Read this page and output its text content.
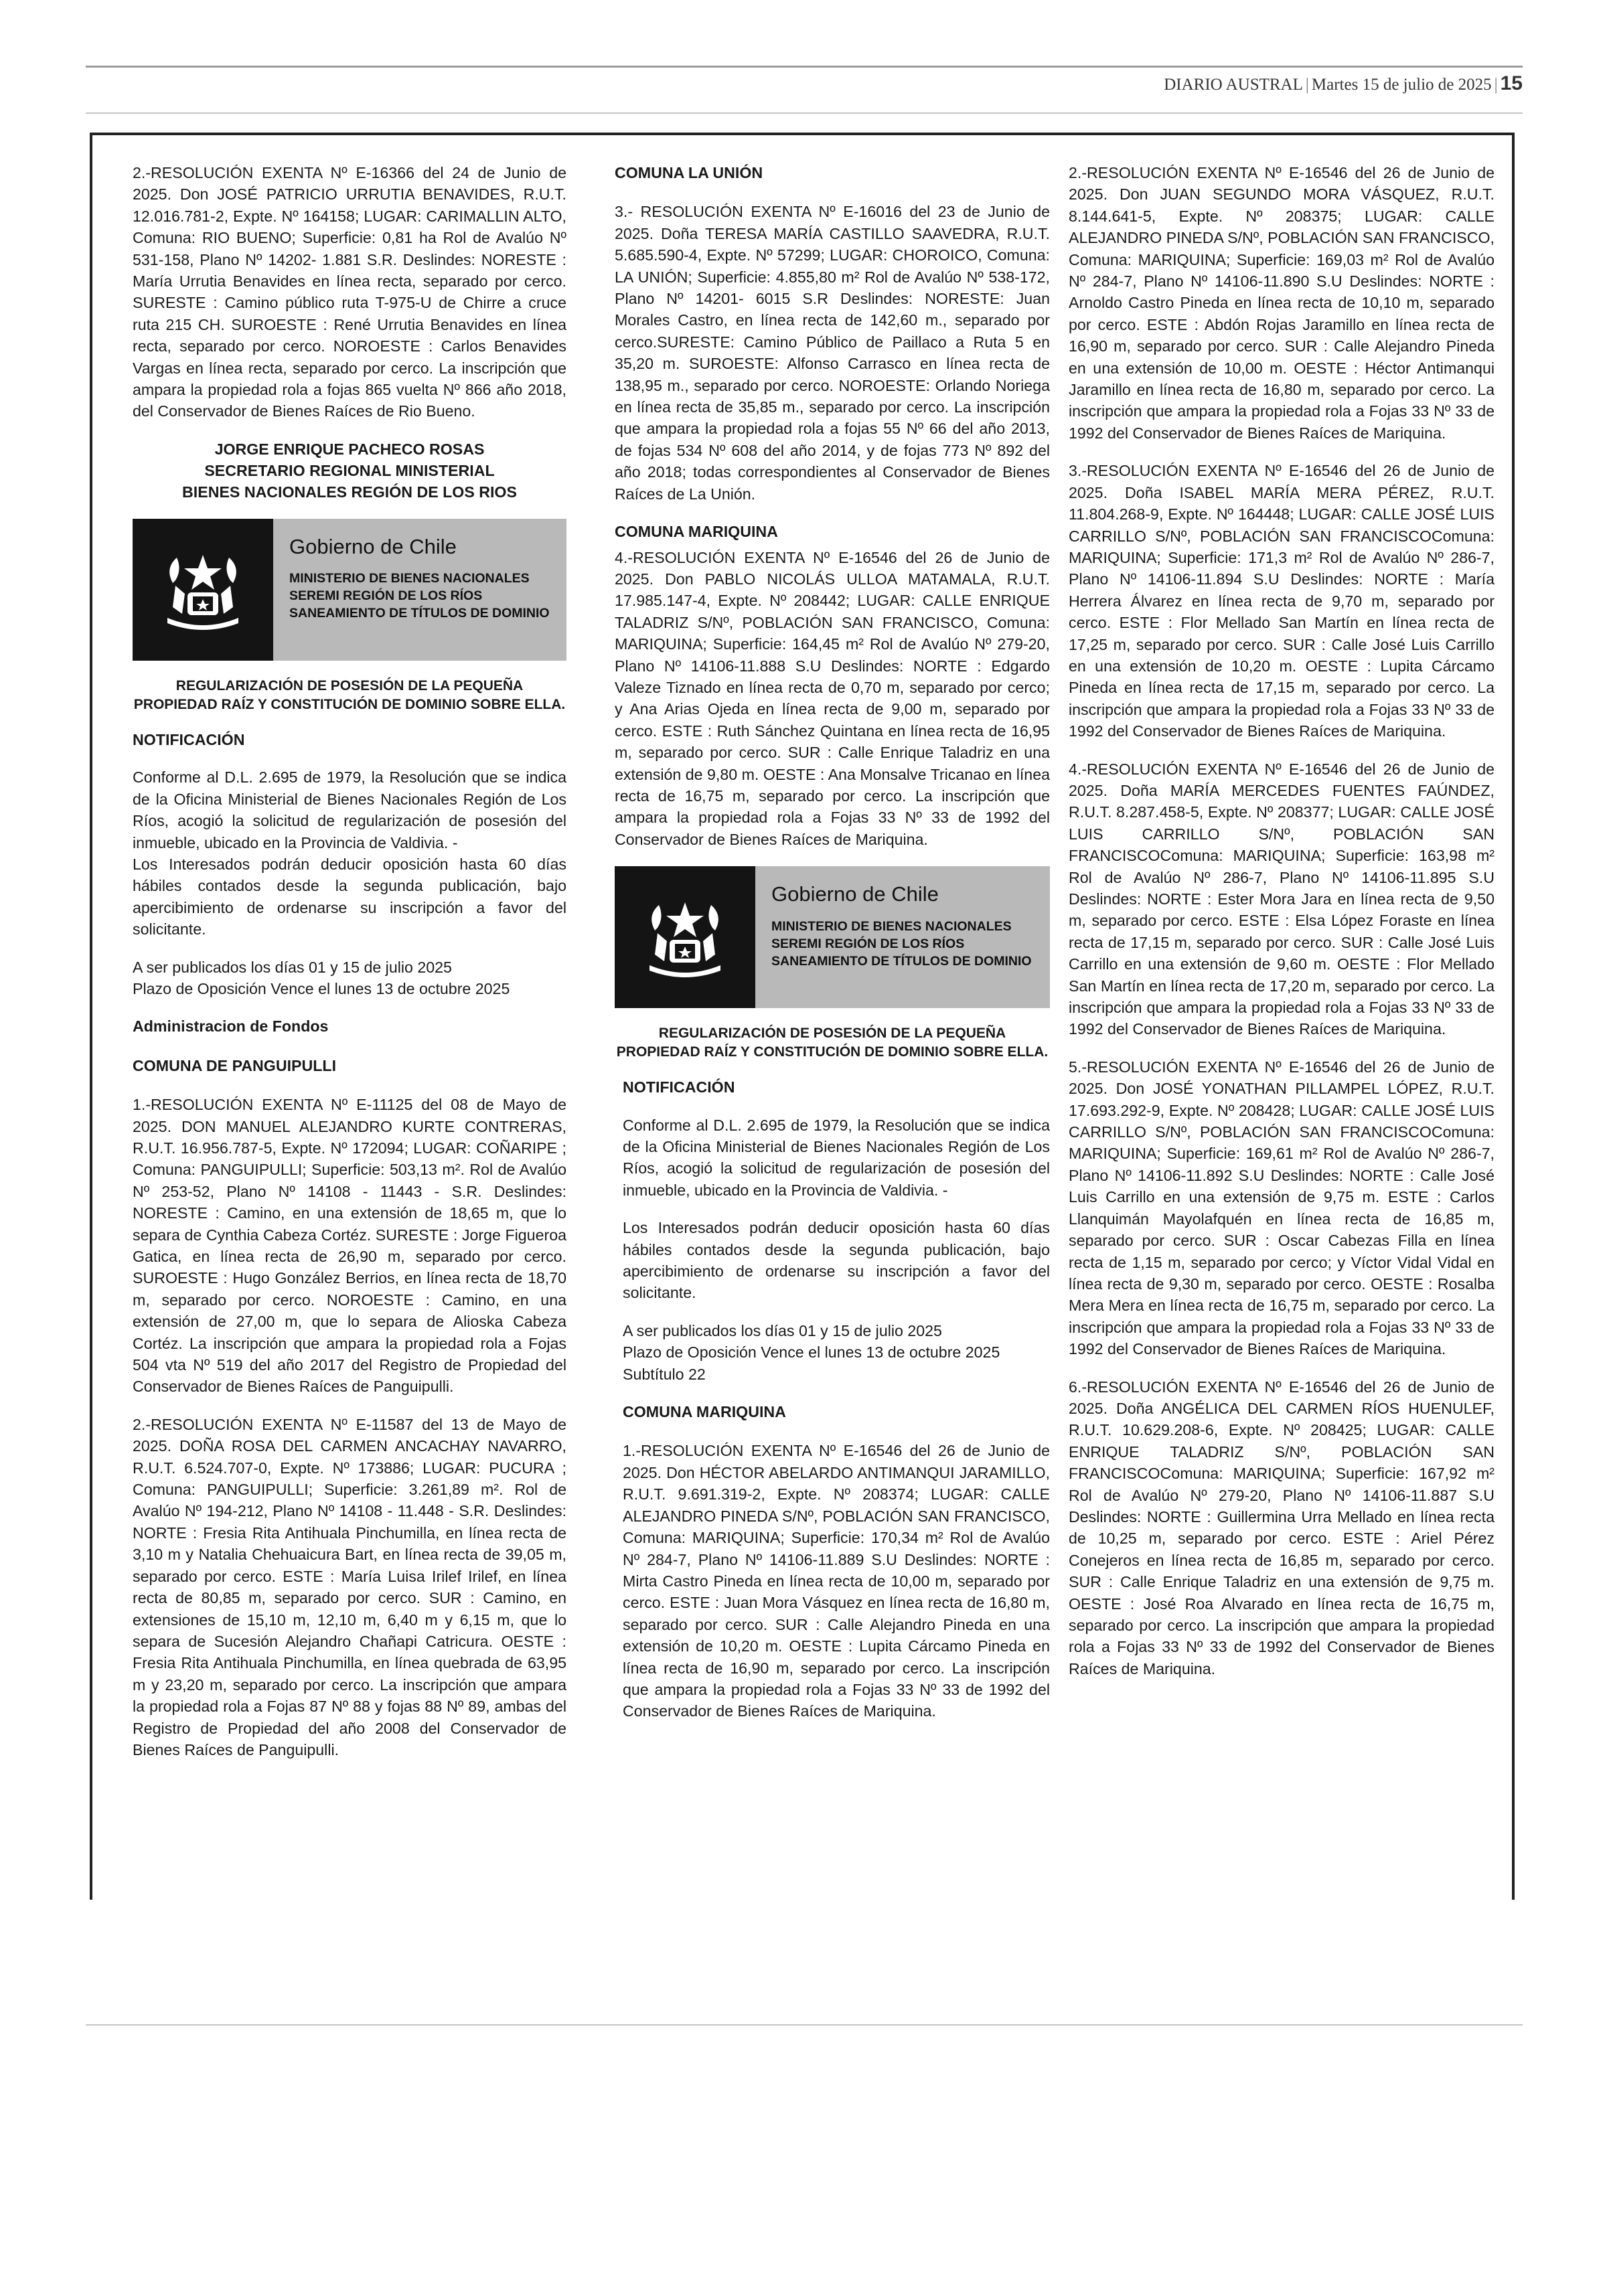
DIARIO AUSTRAL | Martes 15 de julio de 2025 | 15

2.-RESOLUCIÓN EXENTA Nº E-16366 del 24 de Junio de 2025. Don JOSÉ PATRICIO URRUTIA BENAVIDES, R.U.T. 12.016.781-2, Expte. Nº 164158; LUGAR: CARIMALLIN ALTO, Comuna: RIO BUENO; Superficie: 0,81 ha Rol de Avalúo Nº 531-158, Plano Nº 14202- 1.881 S.R. Deslindes: NORESTE : María Urrutia Benavides en línea recta, separado por cerco. SURESTE : Camino público ruta T-975-U de Chirre a cruce ruta 215 CH. SUROESTE : René Urrutia Benavides en línea recta, separado por cerco. NOROESTE : Carlos Benavides Vargas en línea recta, separado por cerco. La inscripción que ampara la propiedad rola a fojas 865 vuelta Nº 866 año 2018, del Conservador de Bienes Raíces de Rio Bueno.

JORGE ENRIQUE PACHECO ROSAS
SECRETARIO REGIONAL MINISTERIAL
BIENES NACIONALES REGIÓN DE LOS RIOS
Gobierno de Chile
MINISTERIO DE BIENES NACIONALES
SEREMI REGIÓN DE LOS RÍOS
SANEAMIENTO DE TÍTULOS DE DOMINIO
REGULARIZACIÓN DE POSESIÓN DE LA PEQUEÑA
PROPIEDAD RAÍZ Y CONSTITUCIÓN DE DOMINIO SOBRE ELLA.

NOTIFICACIÓN

Conforme al D.L. 2.695 de 1979, la Resolución que se indica de la Oficina Ministerial de Bienes Nacionales Región de Los Ríos, acogió la solicitud de regularización de posesión del inmueble, ubicado en la Provincia de Valdivia. -

Los Interesados podrán deducir oposición hasta 60 días hábiles contados desde la segunda publicación, bajo apercibimiento de ordenarse su inscripción a favor del solicitante.

A ser publicados los días 01 y 15 de julio 2025

Plazo de Oposición Vence el lunes 13 de octubre 2025

Administracion de Fondos

COMUNA DE PANGUIPULLI

1.-RESOLUCIÓN EXENTA Nº E-11125 del 08 de Mayo de 2025. DON MANUEL ALEJANDRO KURTE CONTRERAS, R.U.T. 16.956.787-5, Expte. Nº 172094; LUGAR: COÑARIPE ; Comuna: PANGUIPULLI; Superficie: 503,13 m². Rol de Avalúo Nº 253-52, Plano Nº 14108 - 11443 - S.R. Deslindes: NORESTE : Camino, en una extensión de 18,65 m, que lo separa de Cynthia Cabeza Cortéz. SURESTE : Jorge Figueroa Gatica, en línea recta de 26,90 m, separado por cerco. SUROESTE : Hugo González Berrios, en línea recta de 18,70 m, separado por cerco. NOROESTE : Camino, en una extensión de 27,00 m, que lo separa de Alioska Cabeza Cortéz. La inscripción que ampara la propiedad rola a Fojas 504 vta Nº 519 del año 2017 del Registro de Propiedad del Conservador de Bienes Raíces de Panguipulli.

2.-RESOLUCIÓN EXENTA Nº E-11587 del 13 de Mayo de 2025. DOÑA ROSA DEL CARMEN ANCACHAY NAVARRO, R.U.T. 6.524.707-0, Expte. Nº 173886; LUGAR: PUCURA ; Comuna: PANGUIPULLI; Superficie: 3.261,89 m². Rol de Avalúo Nº 194-212, Plano Nº 14108 - 11.448 - S.R. Deslindes: NORTE : Fresia Rita Antihuala Pinchumilla, en línea recta de 3,10 m y Natalia Chehuaicura Bart, en línea recta de 39,05 m, separado por cerco. ESTE : María Luisa Irilef Irilef, en línea recta de 80,85 m, separado por cerco. SUR : Camino, en extensiones de 15,10 m, 12,10 m, 6,40 m y 6,15 m, que lo separa de Sucesión Alejandro Chañapi Catricura. OESTE : Fresia Rita Antihuala Pinchumilla, en línea quebrada de 63,95 m y 23,20 m, separado por cerco. La inscripción que ampara la propiedad rola a Fojas 87 Nº 88 y fojas 88 Nº 89, ambas del Registro de Propiedad del año 2008 del Conservador de Bienes Raíces de Panguipulli.

COMUNA LA UNIÓN

3.- RESOLUCIÓN EXENTA Nº E-16016 del 23 de Junio de 2025. Doña TERESA MARÍA CASTILLO SAAVEDRA, R.U.T. 5.685.590-4, Expte. Nº 57299; LUGAR: CHOROICO, Comuna: LA UNIÓN; Superficie: 4.855,80 m² Rol de Avalúo Nº 538-172, Plano Nº 14201- 6015 S.R Deslindes: NORESTE: Juan Morales Castro, en línea recta de 142,60 m., separado por cerco.SURESTE: Camino Público de Paillaco a Ruta 5 en 35,20 m. SUROESTE: Alfonso Carrasco en línea recta de 138,95 m., separado por cerco. NOROESTE: Orlando Noriega en línea recta de 35,85 m., separado por cerco. La inscripción que ampara la propiedad rola a fojas 55 Nº 66 del año 2013, de fojas 534 Nº 608 del año 2014, y de fojas 773 Nº 892 del año 2018; todas correspondientes al Conservador de Bienes Raíces de La Unión.

COMUNA MARIQUINA

4.-RESOLUCIÓN EXENTA Nº E-16546 del 26 de Junio de 2025. Don PABLO NICOLÁS ULLOA MATAMALA, R.U.T. 17.985.147-4, Expte. Nº 208442; LUGAR: CALLE ENRIQUE TALADRIZ S/Nº, POBLACIÓN SAN FRANCISCO, Comuna: MARIQUINA; Superficie: 164,45 m² Rol de Avalúo Nº 279-20, Plano Nº 14106-11.888 S.U Deslindes: NORTE : Edgardo Valeze Tiznado en línea recta de 0,70 m, separado por cerco; y Ana Arias Ojeda en línea recta de 9,00 m, separado por cerco. ESTE : Ruth Sánchez Quintana en línea recta de 16,95 m, separado por cerco. SUR : Calle Enrique Taladriz en una extensión de 9,80 m. OESTE : Ana Monsalve Tricanao en línea recta de 16,75 m, separado por cerco. La inscripción que ampara la propiedad rola a Fojas 33 Nº 33 de 1992 del Conservador de Bienes Raíces de Mariquina.

Gobierno de Chile
MINISTERIO DE BIENES NACIONALES
SEREMI REGIÓN DE LOS RÍOS
SANEAMIENTO DE TÍTULOS DE DOMINIO
REGULARIZACIÓN DE POSESIÓN DE LA PEQUEÑA
PROPIEDAD RAÍZ Y CONSTITUCIÓN DE DOMINIO SOBRE ELLA.

NOTIFICACIÓN

Conforme al D.L. 2.695 de 1979, la Resolución que se indica de la Oficina Ministerial de Bienes Nacionales Región de Los Ríos, acogió la solicitud de regularización de posesión del inmueble, ubicado en la Provincia de Valdivia. -

Los Interesados podrán deducir oposición hasta 60 días hábiles contados desde la segunda publicación, bajo apercibimiento de ordenarse su inscripción a favor del solicitante.

A ser publicados los días 01 y 15 de julio 2025

Plazo de Oposición Vence el lunes 13 de octubre 2025

Subtítulo 22

COMUNA MARIQUINA

1.-RESOLUCIÓN EXENTA Nº E-16546 del 26 de Junio de 2025. Don HÉCTOR ABELARDO ANTIMANQUI JARAMILLO, R.U.T. 9.691.319-2, Expte. Nº 208374; LUGAR: CALLE ALEJANDRO PINEDA S/Nº, POBLACIÓN SAN FRANCISCO, Comuna: MARIQUINA; Superficie: 170,34 m² Rol de Avalúo Nº 284-7, Plano Nº 14106-11.889 S.U Deslindes: NORTE : Mirta Castro Pineda en línea recta de 10,00 m, separado por cerco. ESTE : Juan Mora Vásquez en línea recta de 16,80 m, separado por cerco. SUR : Calle Alejandro Pineda en una extensión de 10,20 m. OESTE : Lupita Cárcamo Pineda en línea recta de 16,90 m, separado por cerco. La inscripción que ampara la propiedad rola a Fojas 33 Nº 33 de 1992 del Conservador de Bienes Raíces de Mariquina.

2.-RESOLUCIÓN EXENTA Nº E-16546 del 26 de Junio de 2025. Don JUAN SEGUNDO MORA VÁSQUEZ, R.U.T. 8.144.641-5, Expte. Nº 208375; LUGAR: CALLE ALEJANDRO PINEDA S/Nº, POBLACIÓN SAN FRANCISCO, Comuna: MARIQUINA; Superficie: 169,03 m² Rol de Avalúo Nº 284-7, Plano Nº 14106-11.890 S.U Deslindes: NORTE : Arnoldo Castro Pineda en línea recta de 10,10 m, separado por cerco. ESTE : Abdón Rojas Jaramillo en línea recta de 16,90 m, separado por cerco. SUR : Calle Alejandro Pineda en una extensión de 10,00 m. OESTE : Héctor Antimanqui Jaramillo en línea recta de 16,80 m, separado por cerco. La inscripción que ampara la propiedad rola a Fojas 33 Nº 33 de 1992 del Conservador de Bienes Raíces de Mariquina.

3.-RESOLUCIÓN EXENTA Nº E-16546 del 26 de Junio de 2025. Doña ISABEL MARÍA MERA PÉREZ, R.U.T. 11.804.268-9, Expte. Nº 164448; LUGAR: CALLE JOSÉ LUIS CARRILLO S/Nº, POBLACIÓN SAN FRANCISCOComuna: MARIQUINA; Superficie: 171,3 m² Rol de Avalúo Nº 286-7, Plano Nº 14106-11.894 S.U Deslindes: NORTE : María Herrera Álvarez en línea recta de 9,70 m, separado por cerco. ESTE : Flor Mellado San Martín en línea recta de 17,25 m, separado por cerco. SUR : Calle José Luis Carrillo en una extensión de 10,20 m. OESTE : Lupita Cárcamo Pineda en línea recta de 17,15 m, separado por cerco. La inscripción que ampara la propiedad rola a Fojas 33 Nº 33 de 1992 del Conservador de Bienes Raíces de Mariquina.

4.-RESOLUCIÓN EXENTA Nº E-16546 del 26 de Junio de 2025. Doña MARÍA MERCEDES FUENTES FAÚNDEZ, R.U.T. 8.287.458-5, Expte. Nº 208377; LUGAR: CALLE JOSÉ LUIS CARRILLO S/Nº, POBLACIÓN SAN FRANCISCOComuna: MARIQUINA; Superficie: 163,98 m² Rol de Avalúo Nº 286-7, Plano Nº 14106-11.895 S.U Deslindes: NORTE : Ester Mora Jara en línea recta de 9,50 m, separado por cerco. ESTE : Elsa López Foraste en línea recta de 17,15 m, separado por cerco. SUR : Calle José Luis Carrillo en una extensión de 9,60 m. OESTE : Flor Mellado San Martín en línea recta de 17,20 m, separado por cerco. La inscripción que ampara la propiedad rola a Fojas 33 Nº 33 de 1992 del Conservador de Bienes Raíces de Mariquina.

5.-RESOLUCIÓN EXENTA Nº E-16546 del 26 de Junio de 2025. Don JOSÉ YONATHAN PILLAMPEL LÓPEZ, R.U.T. 17.693.292-9, Expte. Nº 208428; LUGAR: CALLE JOSÉ LUIS CARRILLO S/Nº, POBLACIÓN SAN FRANCISCOComuna: MARIQUINA; Superficie: 169,61 m² Rol de Avalúo Nº 286-7, Plano Nº 14106-11.892 S.U Deslindes: NORTE : Calle José Luis Carrillo en una extensión de 9,75 m. ESTE : Carlos Llanquimán Mayolafquén en línea recta de 16,85 m, separado por cerco. SUR : Oscar Cabezas Filla en línea recta de 1,15 m, separado por cerco; y Víctor Vidal Vidal en línea recta de 9,30 m, separado por cerco. OESTE : Rosalba Mera Mera en línea recta de 16,75 m, separado por cerco. La inscripción que ampara la propiedad rola a Fojas 33 Nº 33 de 1992 del Conservador de Bienes Raíces de Mariquina.

6.-RESOLUCIÓN EXENTA Nº E-16546 del 26 de Junio de 2025. Doña ANGÉLICA DEL CARMEN RÍOS HUENULEF, R.U.T. 10.629.208-6, Expte. Nº 208425; LUGAR: CALLE ENRIQUE TALADRIZ S/Nº, POBLACIÓN SAN FRANCISCOComuna: MARIQUINA; Superficie: 167,92 m² Rol de Avalúo Nº 279-20, Plano Nº 14106-11.887 S.U Deslindes: NORTE : Guillermina Urra Mellado en línea recta de 10,25 m, separado por cerco. ESTE : Ariel Pérez Conejeros en línea recta de 16,85 m, separado por cerco. SUR : Calle Enrique Taladriz en una extensión de 9,75 m. OESTE : José Roa Alvarado en línea recta de 16,75 m, separado por cerco. La inscripción que ampara la propiedad rola a Fojas 33 Nº 33 de 1992 del Conservador de Bienes Raíces de Mariquina.
